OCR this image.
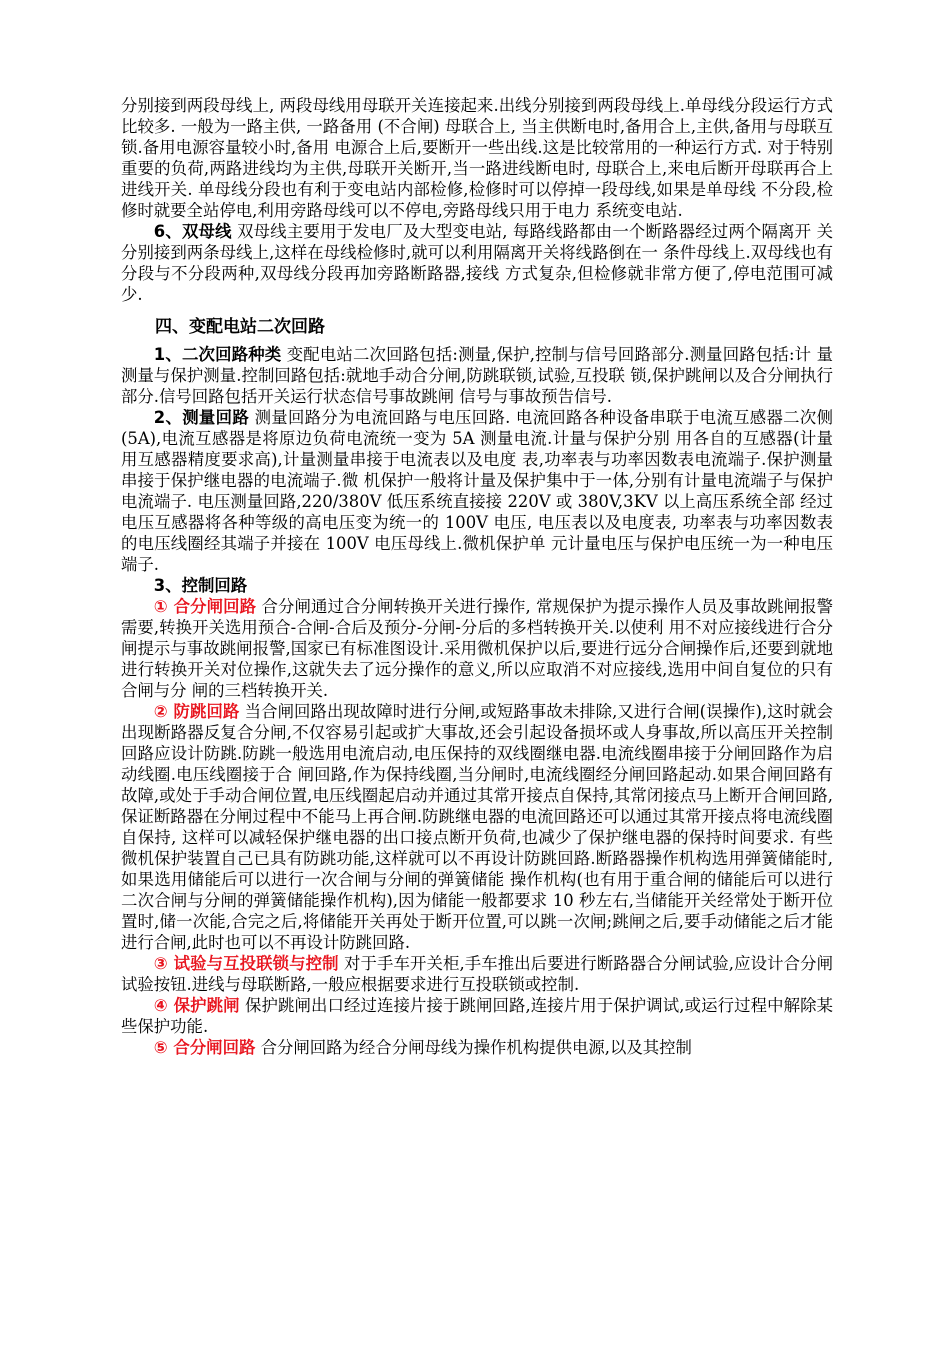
分别接到两段母线上, 两段母线用母联开关连接起来.出线分别接到两段母线上.单母线分段运行方式比较多. 一般为一路主供, 一路备用 (不合闸) 母联合上, 当主供断电时,备用合上,主供,备用与母联互锁.备用电源容量较小时,备用 电源合上后,要断开一些出线.这是比较常用的一种运行方式. 对于特别重要的负荷,两路进线均为主供,母联开关断开,当一路进线断电时, 母联合上,来电后断开母联再合上进线开关. 单母线分段也有利于变电站内部检修,检修时可以停掉一段母线,如果是单母线 不分段,检修时就要全站停电,利用旁路母线可以不停电,旁路母线只用于电力 系统变电站.

6、双母线 双母线主要用于发电厂及大型变电站, 每路线路都由一个断路器经过两个隔离开 关分别接到两条母线上,这样在母线检修时,就可以利用隔离开关将线路倒在一 条件母线上.双母线也有分段与不分段两种,双母线分段再加旁路断路器,接线 方式复杂,但检修就非常方便了,停电范围可减少.

四、变配电站二次回路

1、二次回路种类 变配电站二次回路包括:测量,保护,控制与信号回路部分.测量回路包括:计 量测量与保护测量.控制回路包括:就地手动合分闸,防跳联锁,试验,互投联 锁,保护跳闸以及合分闸执行部分.信号回路包括开关运行状态信号事故跳闸 信号与事故预告信号.

2、测量回路 测量回路分为电流回路与电压回路. 电流回路各种设备串联于电流互感器二次侧 (5A),电流互感器是将原边负荷电流统一变为 5A 测量电流.计量与保护分别 用各自的互感器(计量用互感器精度要求高),计量测量串接于电流表以及电度 表,功率表与功率因数表电流端子.保护测量串接于保护继电器的电流端子.微 机保护一般将计量及保护集中于一体,分别有计量电流端子与保护电流端子. 电压测量回路,220/380V 低压系统直接接 220V 或 380V,3KV 以上高压系统全部 经过电压互感器将各种等级的高电压变为统一的 100V 电压, 电压表以及电度表, 功率表与功率因数表的电压线圈经其端子并接在 100V 电压母线上.微机保护单 元计量电压与保护电压统一为一种电压端子.

3、控制回路

① 合分闸回路 合分闸通过合分闸转换开关进行操作, 常规保护为提示操作人员及事故跳闸报警需要,转换开关选用预合-合闸-合后及预分-分闸-分后的多档转换开关.以使利 用不对应接线进行合分闸提示与事故跳闸报警,国家已有标准图设计.采用微机保护以后,要进行远分合闸操作后,还要到就地进行转换开关对位操作,这就失去了远分操作的意义,所以应取消不对应接线,选用中间自复位的只有合闸与分 闸的三档转换开关.

② 防跳回路 当合闸回路出现故障时进行分闸,或短路事故未排除,又进行合闸(误操作),这时就会出现断路器反复合分闸,不仅容易引起或扩大事故,还会引起设备损坏或人身事故,所以高压开关控制回路应设计防跳.防跳一般选用电流启动,电压保持的双线圈继电器.电流线圈串接于分闸回路作为启动线圈.电压线圈接于合 闸回路,作为保持线圈,当分闸时,电流线圈经分闸回路起动.如果合闸回路有故障,或处于手动合闸位置,电压线圈起启动并通过其常开接点自保持,其常闭接点马上断开合闸回路,保证断路器在分闸过程中不能马上再合闸.防跳继电器的电流回路还可以通过其常开接点将电流线圈自保持, 这样可以减轻保护继电器的出口接点断开负荷,也减少了保护继电器的保持时间要求. 有些微机保护装置自己已具有防跳功能,这样就可以不再设计防跳回路.断路器操作机构选用弹簧储能时, 如果选用储能后可以进行一次合闸与分闸的弹簧储能 操作机构(也有用于重合闸的储能后可以进行二次合闸与分闸的弹簧储能操作机构),因为储能一般都要求 10 秒左右,当储能开关经常处于断开位置时,储一次能,合完之后,将储能开关再处于断开位置,可以跳一次闸;跳闸之后,要手动储能之后才能进行合闸,此时也可以不再设计防跳回路.

③ 试验与互投联锁与控制 对于手车开关柜,手车推出后要进行断路器合分闸试验,应设计合分闸试验按钮.进线与母联断路,一般应根据要求进行互投联锁或控制.

④ 保护跳闸 保护跳闸出口经过连接片接于跳闸回路,连接片用于保护调试,或运行过程中解除某些保护功能.

⑤ 合分闸回路 合分闸回路为经合分闸母线为操作机构提供电源,以及其控制
